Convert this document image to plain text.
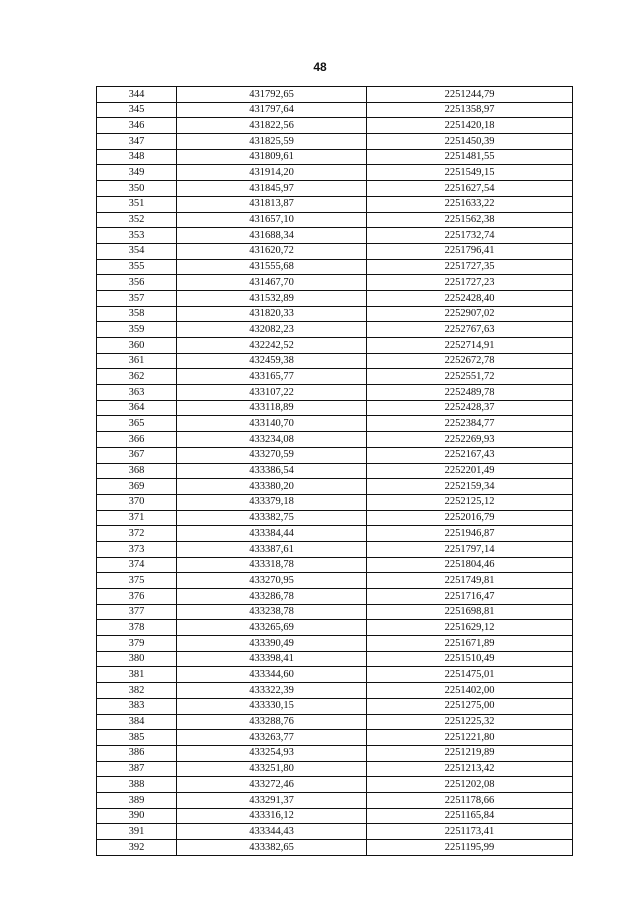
48
344	431792,65	2251244,79
345	431797,64	2251358,97
346	431822,56	2251420,18
347	431825,59	2251450,39
348	431809,61	2251481,55
349	431914,20	2251549,15
350	431845,97	2251627,54
351	431813,87	2251633,22
352	431657,10	2251562,38
353	431688,34	2251732,74
354	431620,72	2251796,41
355	431555,68	2251727,35
356	431467,70	2251727,23
357	431532,89	2252428,40
358	431820,33	2252907,02
359	432082,23	2252767,63
360	432242,52	2252714,91
361	432459,38	2252672,78
362	433165,77	2252551,72
363	433107,22	2252489,78
364	433118,89	2252428,37
365	433140,70	2252384,77
366	433234,08	2252269,93
367	433270,59	2252167,43
368	433386,54	2252201,49
369	433380,20	2252159,34
370	433379,18	2252125,12
371	433382,75	2252016,79
372	433384,44	2251946,87
373	433387,61	2251797,14
374	433318,78	2251804,46
375	433270,95	2251749,81
376	433286,78	2251716,47
377	433238,78	2251698,81
378	433265,69	2251629,12
379	433390,49	2251671,89
380	433398,41	2251510,49
381	433344,60	2251475,01
382	433322,39	2251402,00
383	433330,15	2251275,00
384	433288,76	2251225,32
385	433263,77	2251221,80
386	433254,93	2251219,89
387	433251,80	2251213,42
388	433272,46	2251202,08
389	433291,37	2251178,66
390	433316,12	2251165,84
391	433344,43	2251173,41
392	433382,65	2251195,99
